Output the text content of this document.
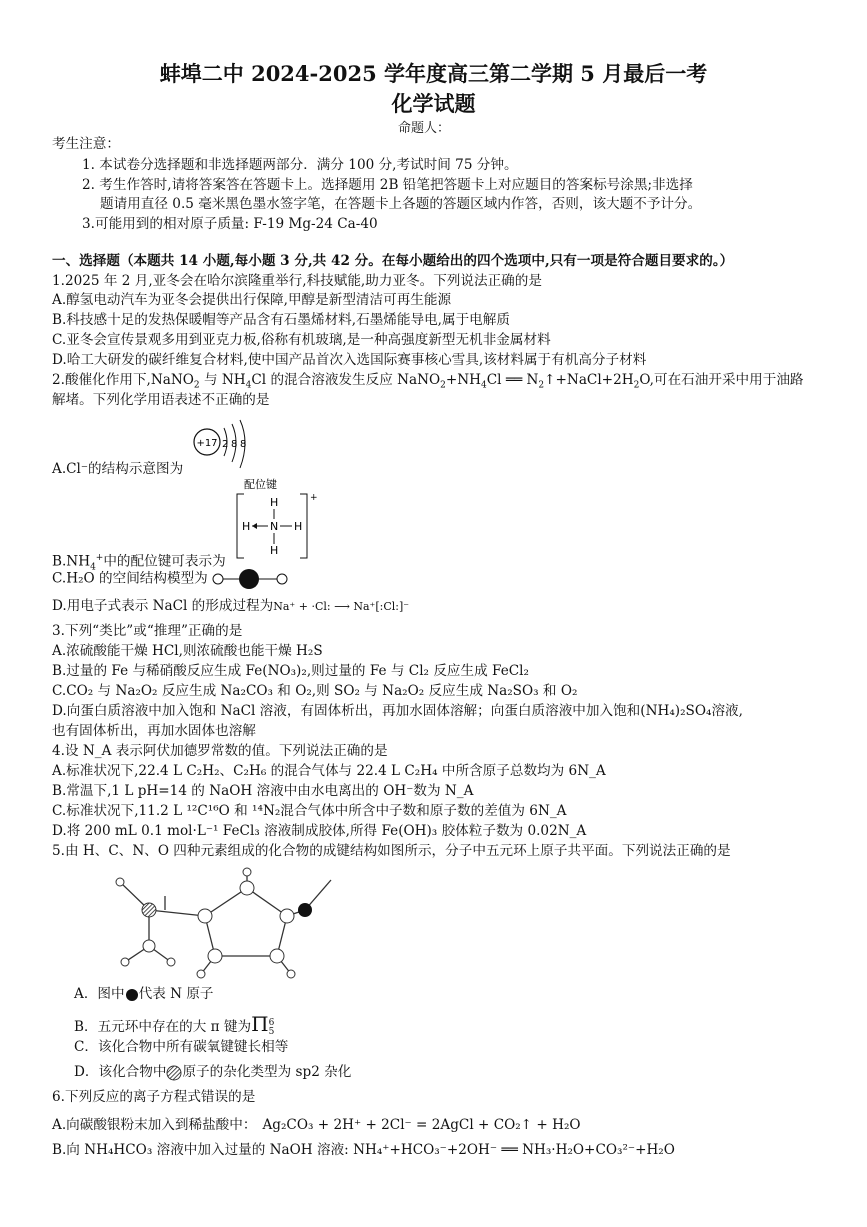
蚌埠二中 2024-2025 学年度高三第二学期 5 月最后一考
化学试题
命题人：
考生注意：
1. 本试卷分选择题和非选择题两部分．满分 100 分,考试时间 75 分钟。
2. 考生作答时,请将答案答在答题卡上。选择题用 2B 铅笔把答题卡上对应题目的答案标号涂黑;非选择
题请用直径 0.5 毫米黑色墨水签字笔，在答题卡上各题的答题区域内作答，否则，该大题不予计分。
3.可能用到的相对原子质量: F-19 Mg-24 Ca-40
一、选择题（本题共 14 小题,每小题 3 分,共 42 分。在每小题给出的四个选项中,只有一项是符合题目要求的。）
1.2025 年 2 月,亚冬会在哈尔滨隆重举行,科技赋能,助力亚冬。下列说法正确的是
A.醇氢电动汽车为亚冬会提供出行保障,甲醇是新型清洁可再生能源
B.科技感十足的发热保暖帽等产品含有石墨烯材料,石墨烯能导电,属于电解质
C.亚冬会宣传景观多用到亚克力板,俗称有机玻璃,是一种高强度新型无机非金属材料
D.哈工大研发的碳纤维复合材料,使中国产品首次入选国际赛事核心雪具,该材料属于有机高分子材料
2.酸催化作用下,NaNO$_2$ 与 $NH_4Cl$ 的混合溶液发生反应 $NaNO_2+NH_4Cl$ ══ $N_2↑+NaCl+2H_2O$,可在石油开采中用于油路
解堵。下列化学用语表述不正确的是
+17 2 8 8
A.Cl⁻的结构示意图为
配位键
+
H
H N H
H
$B.NH_4^+$中的配位键可表示为
C.H₂O 的空间结构模型为
D.用电子式表示 NaCl 的形成过程为Na⁺ + ·Cl: ⟶ Na⁺[:Cl:]⁻
3.下列“类比”或“推理”正确的是
A.浓硫酸能干燥 HCl,则浓硫酸也能干燥 H₂S
B.过量的 Fe 与稀硝酸反应生成 Fe(NO₃)₂,则过量的 Fe 与 Cl₂ 反应生成 FeCl₂
C.CO₂ 与 Na₂O₂ 反应生成 Na₂CO₃ 和 O₂,则 SO₂ 与 Na₂O₂ 反应生成 Na₂SO₃ 和 O₂
D.向蛋白质溶液中加入饱和 NaCl 溶液，有固体析出，再加水固体溶解；向蛋白质溶液中加入饱和(NH₄)₂SO₄溶液,
也有固体析出，再加水固体也溶解
4.设 N_A 表示阿伏加德罗常数的值。下列说法正确的是
A.标准状况下,22.4 L C₂H₂、C₂H₆ 的混合气体与 22.4 L C₂H₄ 中所含原子总数均为 6N_A
B.常温下,1 L pH=14 的 NaOH 溶液中由水电离出的 OH⁻数为 N_A
C.标准状况下,11.2 L ¹²C¹⁶O 和 ¹⁴N₂混合气体中所含中子数和原子数的差值为 6N_A
D.将 200 mL 0.1 mol·L⁻¹ FeCl₃ 溶液制成胶体,所得 Fe(OH)₃ 胶体粒子数为 0.02N_A
5.由 H、C、N、O 四种元素组成的化合物的成键结构如图所示，分子中五元环上原子共平面。下列说法正确的是
A．图中 代表 N 原子
B．五元环中存在的大 π 键为Π6
5
C．该化合物中所有碳氧键键长相等
D．该化合物中 原子的杂化类型为 sp2 杂化
6.下列反应的离子方程式错误的是
A.向碳酸银粉末加入到稀盐酸中： Ag₂CO₃ + 2H⁺ + 2Cl⁻ = 2AgCl + CO₂↑ + H₂O
B.向 NH₄HCO₃ 溶液中加入过量的 NaOH 溶液: NH₄⁺+HCO₃⁻+2OH⁻ ══ NH₃·H₂O+CO₃²⁻+H₂O
